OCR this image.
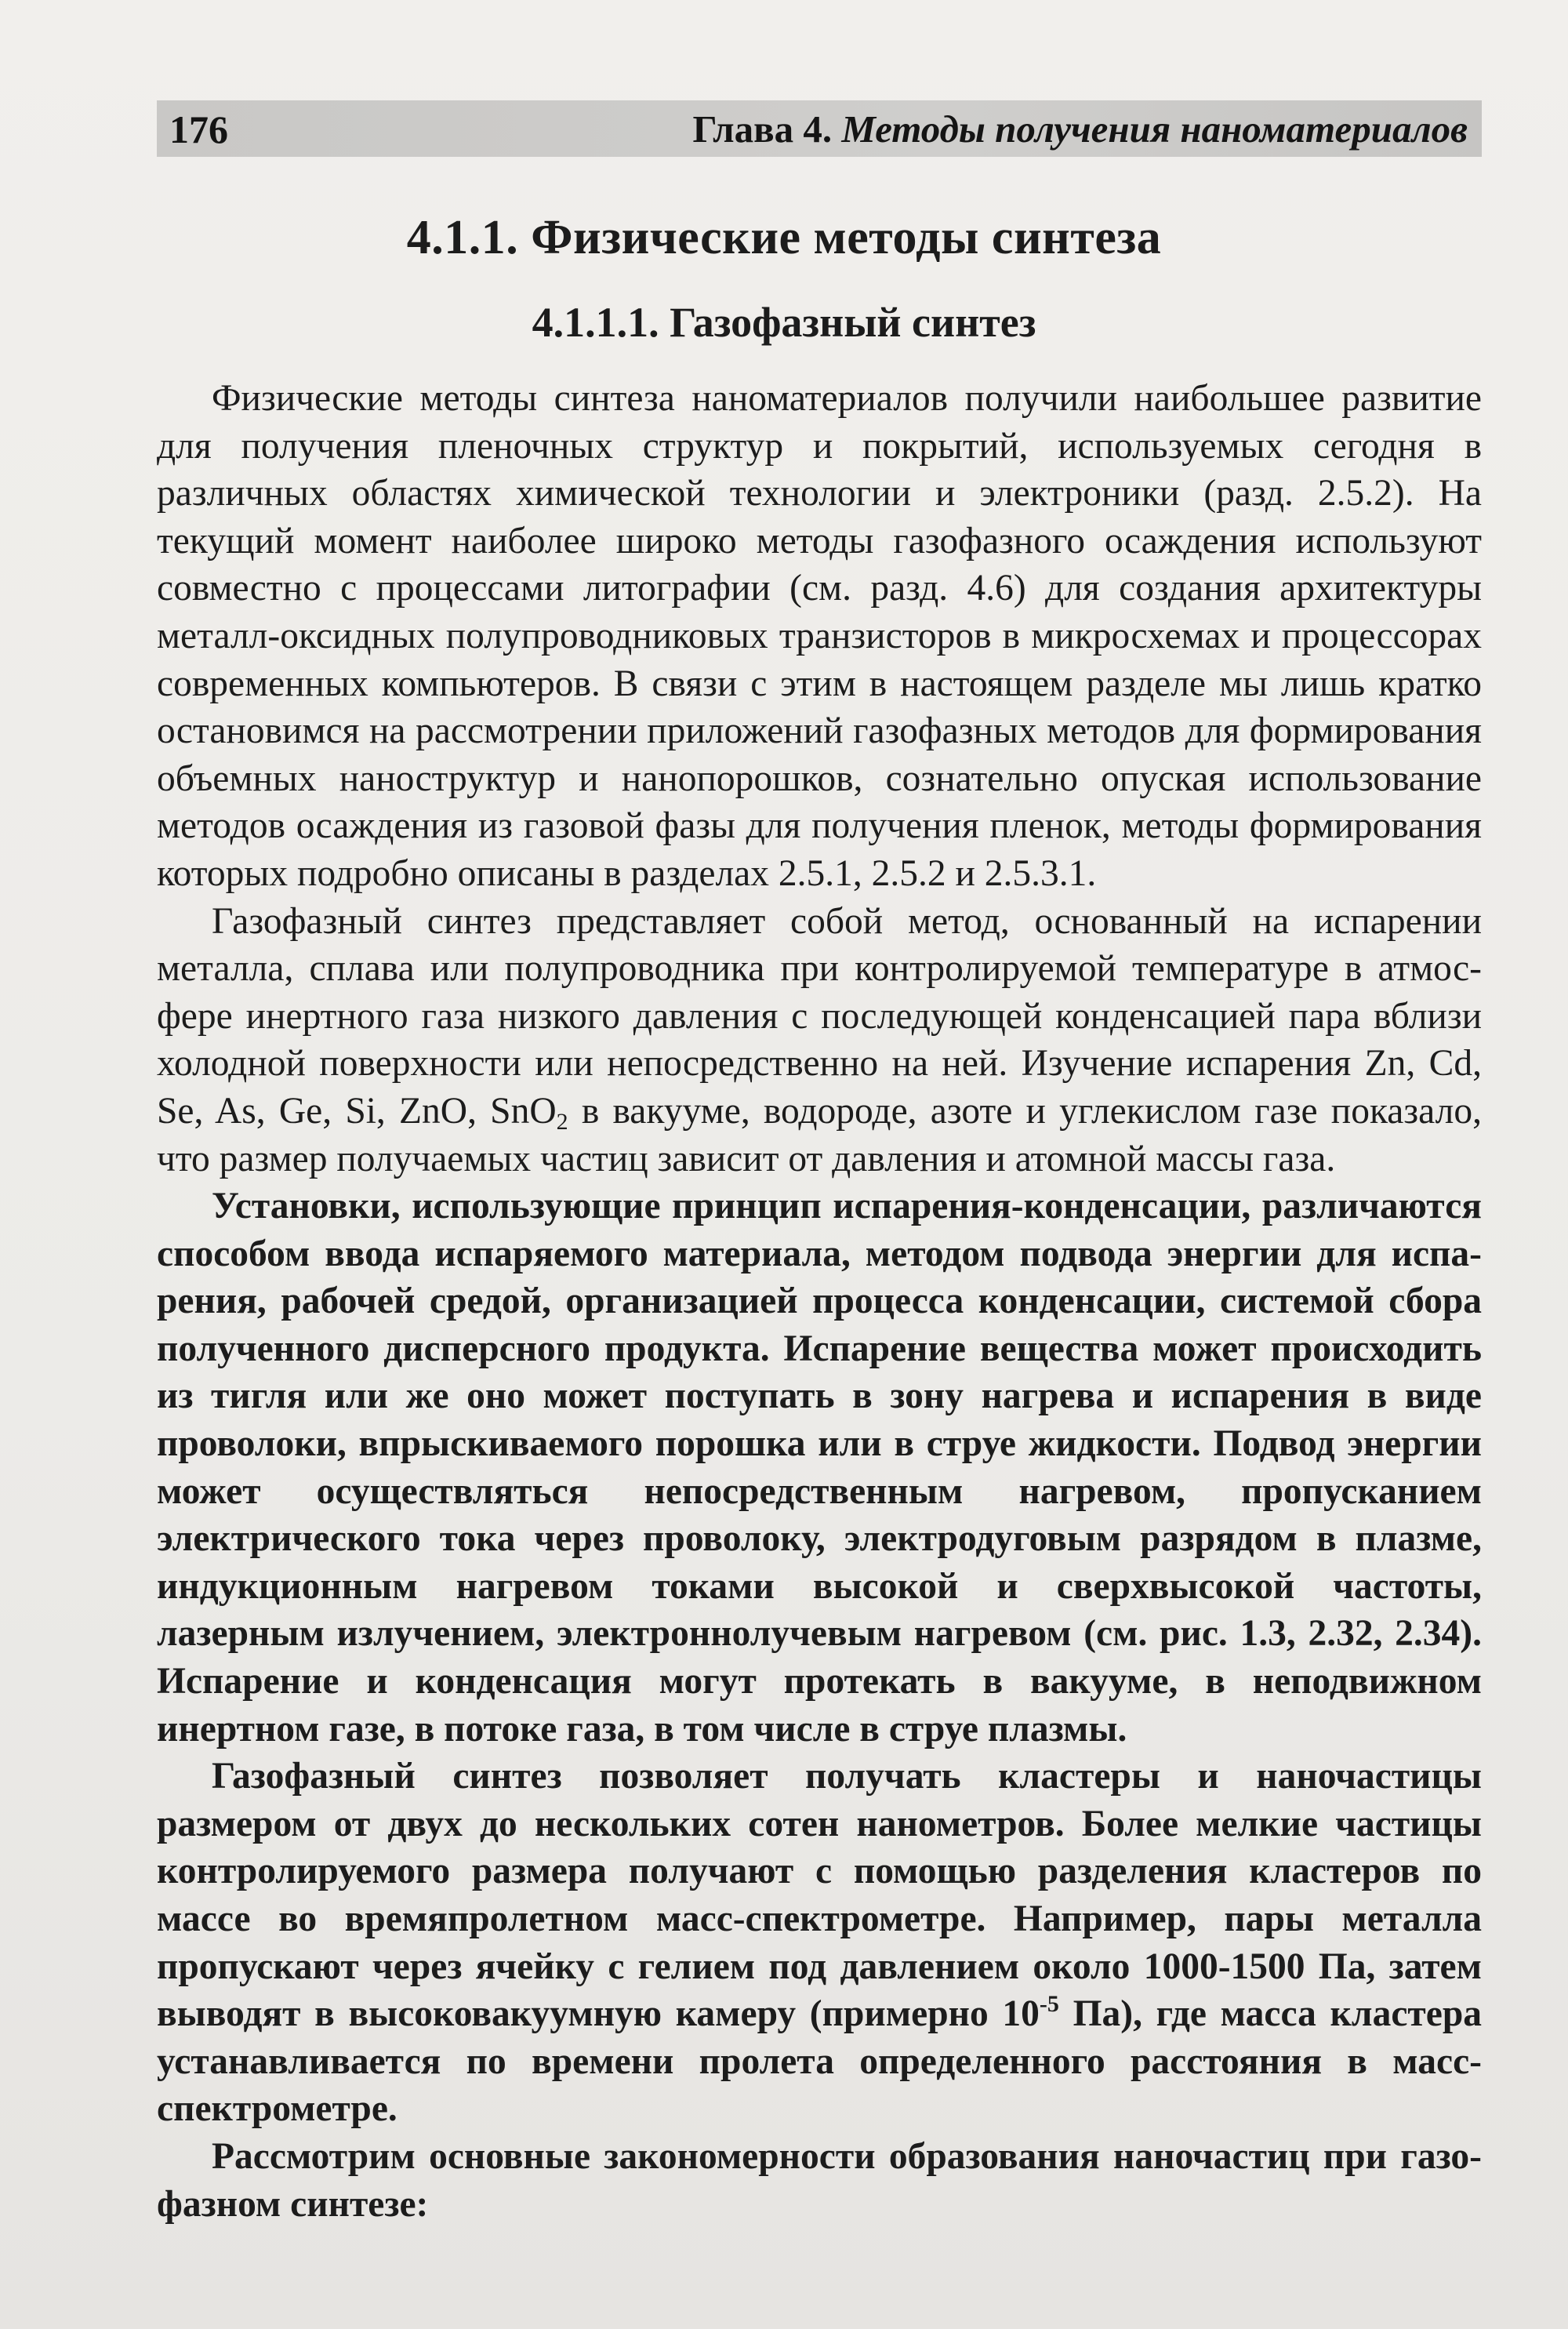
176	Глава 4. Методы получения наноматериалов
4.1.1. Физические методы синтеза
4.1.1.1. Газофазный синтез

Физические методы синтеза наноматериалов получили наибольшее развитие для получения пленочных структур и покрытий, используемых сегодня в различных областях химической технологии и электроники (разд. 2.5.2). На текущий момент наиболее широко методы газофазного осаждения используют совместно с процессами литографии (см. разд. 4.6) для создания архитектуры металл-оксидных полупроводниковых транзисторов в микросхемах и процессорах современных компьютеров. В связи с этим в настоящем разделе мы лишь кратко остановимся на рассмотрении приложений газофазных методов для формирования объемных наноструктур и нанопорошков, сознательно опуская использование методов осаждения из газовой фазы для получения пленок, методы формирования которых подробно описаны в разделах 2.5.1, 2.5.2 и 2.5.3.1.

Газофазный синтез представляет собой метод, основанный на испарении металла, сплава или полупроводника при контролируемой температуре в атмосфере инертного газа низкого давления с последующей конденсацией пара вблизи холодной поверхности или непосредственно на ней. Изучение испарения Zn, Cd, Se, As, Ge, Si, ZnO, SnO$_2$ в вакууме, водороде, азоте и углекислом газе показало, что размер получаемых частиц зависит от давления и атомной массы газа.

Установки, использующие принцип испарения-конденсации, различаются способом ввода испаряемого материала, методом подвода энергии для испарения, рабочей средой, организацией процесса конденсации, системой сбора полученного дисперсного продукта. Испарение вещества может происходить из тигля или же оно может поступать в зону нагрева и испарения в виде проволоки, впрыскиваемого порошка или в струе жидкости. Подвод энергии может осуществляться непосредственным нагревом, пропусканием электрического тока через проволоку, электродуговым разрядом в плазме, индукционным нагревом токами высокой и сверхвысокой частоты, лазерным излучением, электроннолучевым нагревом (см. рис. 1.3, 2.32, 2.34). Испарение и конденсация могут протекать в вакууме, в неподвижном инертном газе, в потоке газа, в том числе в струе плазмы.

Газофазный синтез позволяет получать кластеры и наночастицы размером от двух до нескольких сотен нанометров. Более мелкие частицы контролируемого размера получают с помощью разделения кластеров по массе во времяпролетном масс-спектрометре. Например, пары металла пропускают через ячейку с гелием под давлением около 1000-1500 Па, затем выводят в высоковакуумную камеру (примерно $10^{-5}$ Па), где масса кластера устанавливается по времени пролета определенного расстояния в масс-спектрометре.

Рассмотрим основные закономерности образования наночастиц при газофазном синтезе:
